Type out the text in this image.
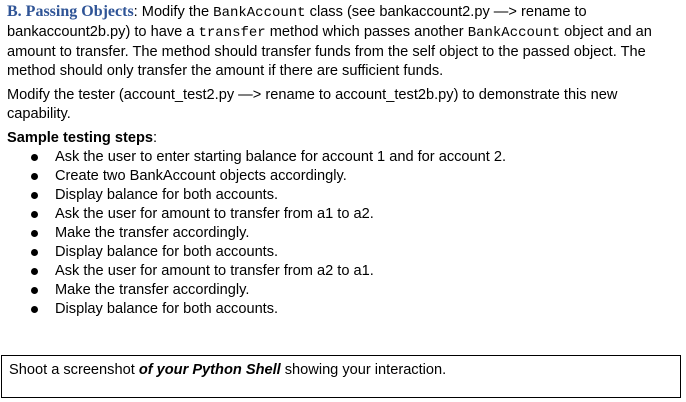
B. Passing Objects: Modify the BankAccount class (see bankaccount2.py —> rename to bankaccount2b.py) to have a transfer method which passes another BankAccount object and an amount to transfer. The method should transfer funds from the self object to the passed object. The method should only transfer the amount if there are sufficient funds.

Modify the tester (account_test2.py —> rename to account_test2b.py) to demonstrate this new capability.

Sample testing steps:
Ask the user to enter starting balance for account 1 and for account 2.
Create two BankAccount objects accordingly.
Display balance for both accounts.
Ask the user for amount to transfer from a1 to a2.
Make the transfer accordingly.
Display balance for both accounts.
Ask the user for amount to transfer from a2 to a1.
Make the transfer accordingly.
Display balance for both accounts.
Shoot a screenshot of your Python Shell showing your interaction.
